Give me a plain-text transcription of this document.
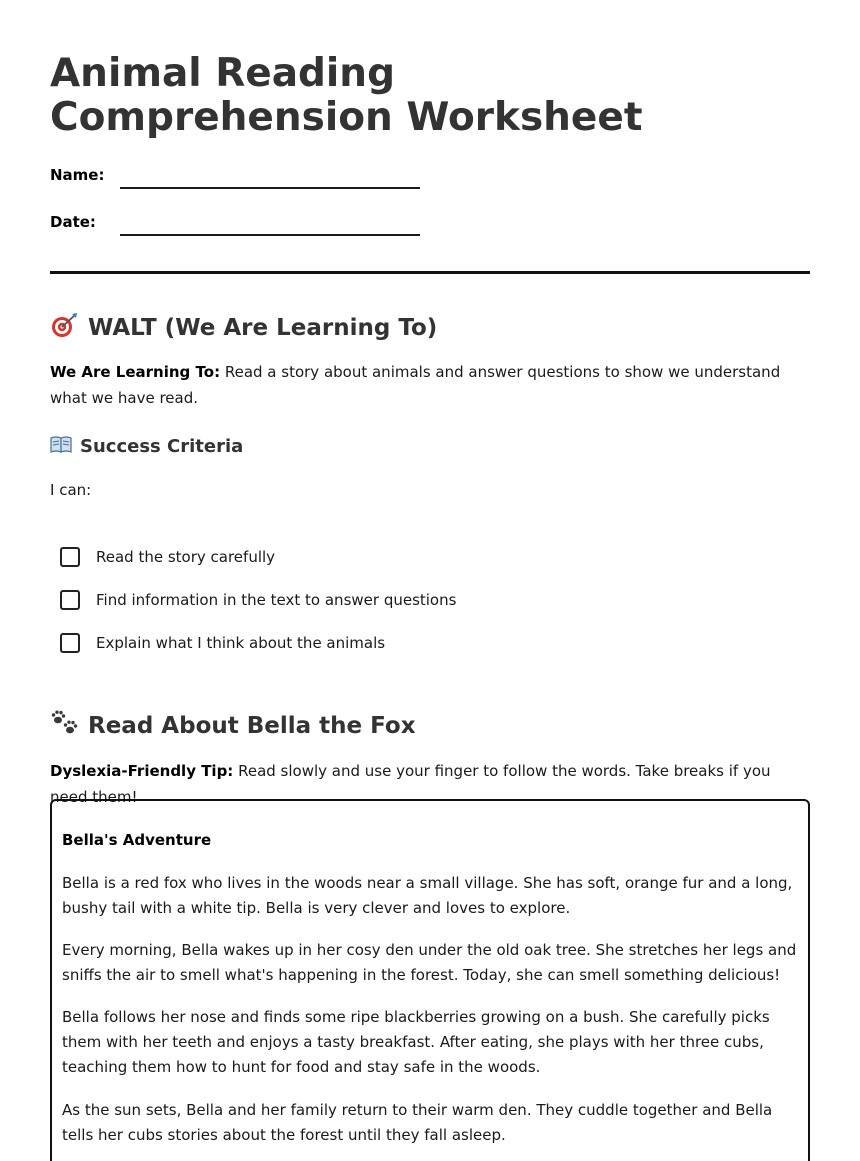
Animal Reading Comprehension Worksheet
Name:
Date:
WALT (We Are Learning To)

We Are Learning To: Read a story about animals and answer questions to show we understand what we have read.

Success Criteria

I can:

Read the story carefully
Find information in the text to answer questions
Explain what I think about the animals
Read About Bella the Fox

Dyslexia-Friendly Tip: Read slowly and use your finger to follow the words. Take breaks if you need them!

Bella's Adventure

Bella is a red fox who lives in the woods near a small village. She has soft, orange fur and a long, bushy tail with a white tip. Bella is very clever and loves to explore.

Every morning, Bella wakes up in her cosy den under the old oak tree. She stretches her legs and sniffs the air to smell what's happening in the forest. Today, she can smell something delicious!

Bella follows her nose and finds some ripe blackberries growing on a bush. She carefully picks them with her teeth and enjoys a tasty breakfast. After eating, she plays with her three cubs, teaching them how to hunt for food and stay safe in the woods.

As the sun sets, Bella and her family return to their warm den. They cuddle together and Bella tells her cubs stories about the forest until they fall asleep.
